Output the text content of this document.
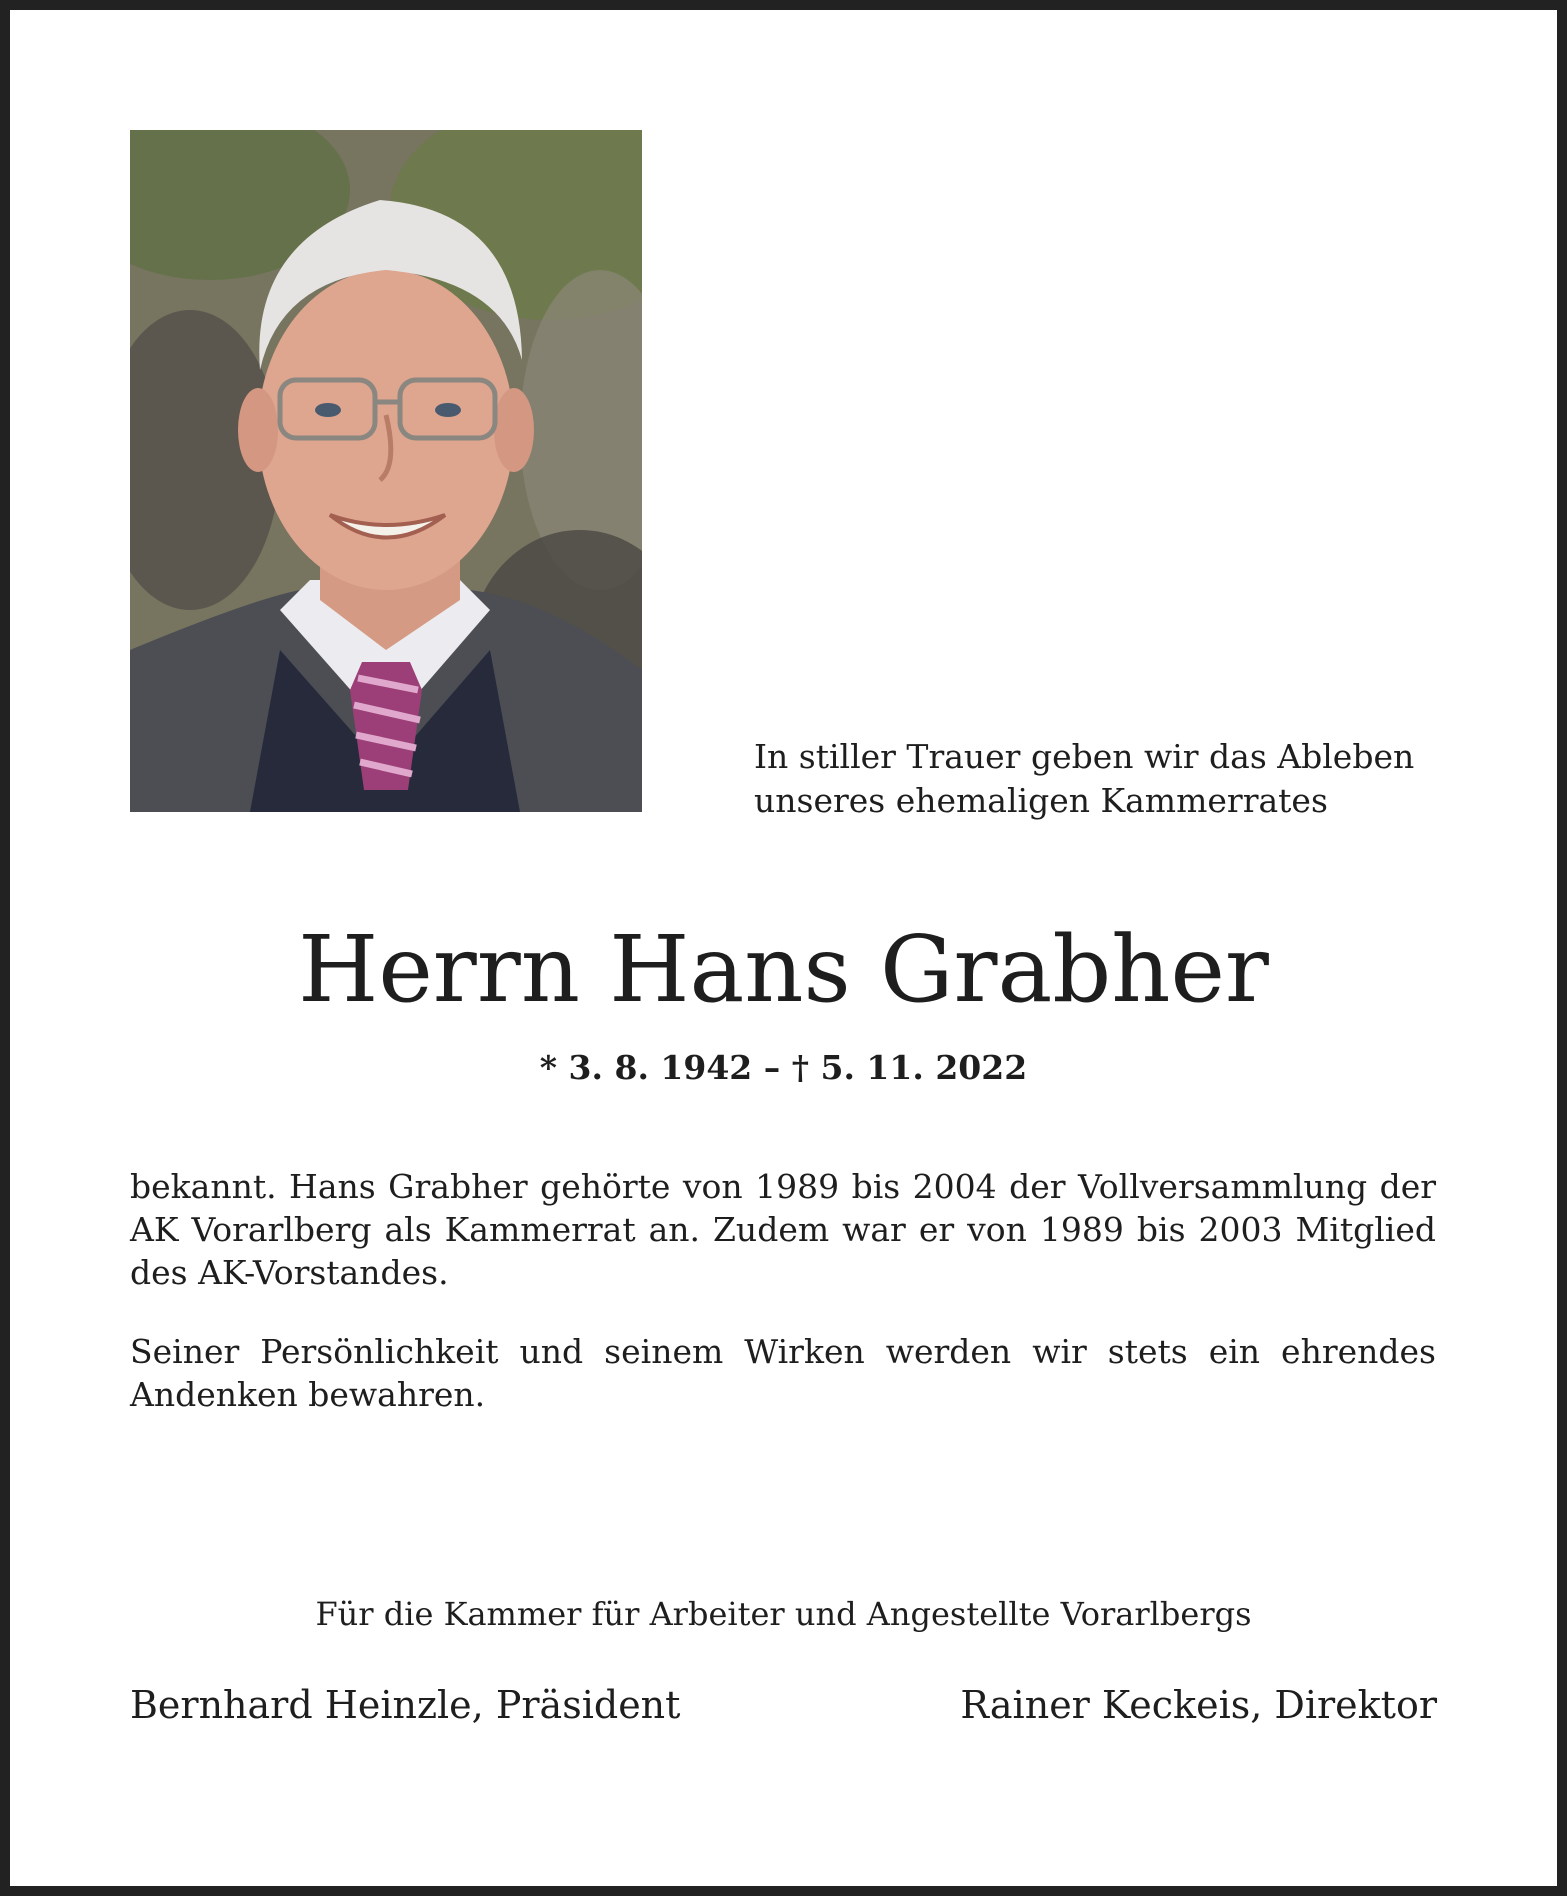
In stiller Trauer geben wir das Ableben
unseres ehemaligen Kammerrates
Herrn Hans Grabher
* 3. 8. 1942 – † 5. 11. 2022
bekannt. Hans Grabher gehörte von 1989 bis 2004 der Vollversammlung der
AK Vorarlberg als Kammerrat an. Zudem war er von 1989 bis 2003 Mitglied
des AK-Vorstandes.
Seiner Persönlichkeit und seinem Wirken werden wir stets ein ehrendes
Andenken bewahren.
Für die Kammer für Arbeiter und Angestellte Vorarlbergs
Bernhard Heinzle, Präsident	Rainer Keckeis, Direktor
